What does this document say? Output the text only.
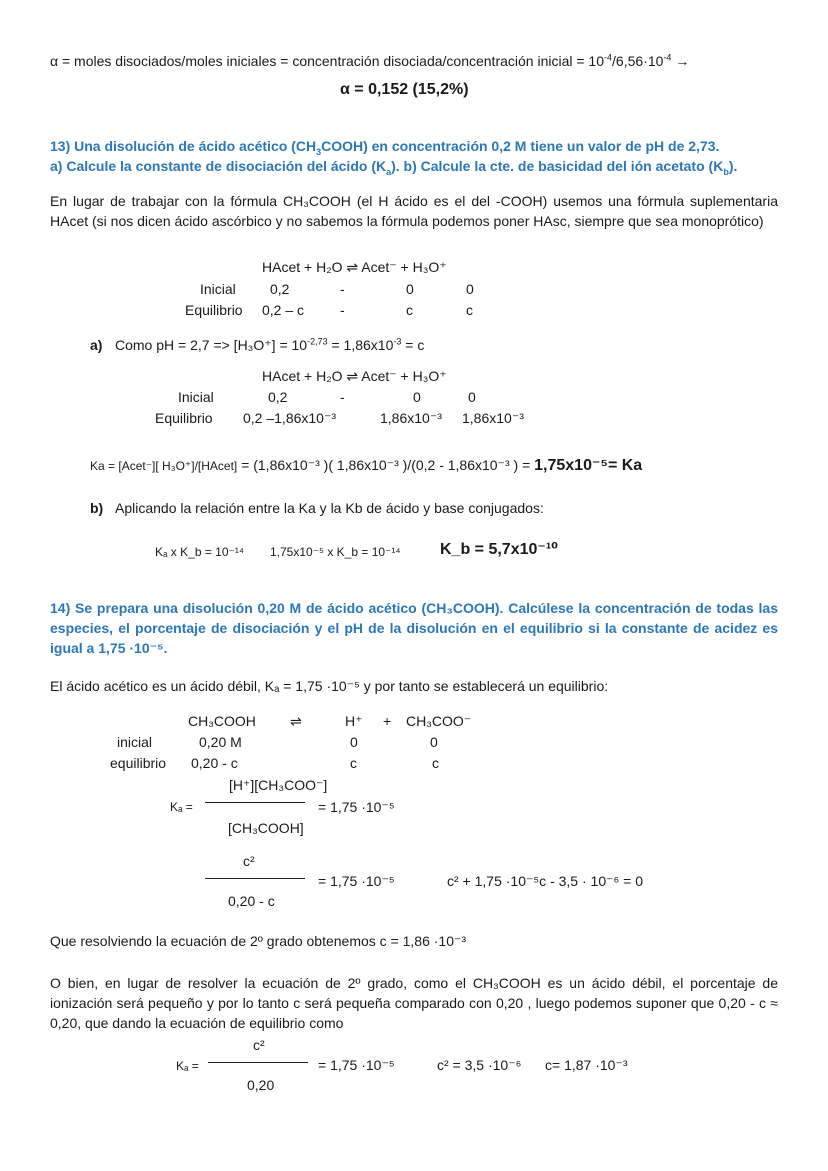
α = moles disociados/moles iniciales = concentración disociada/concentración inicial = $10^{-4}/6,56\cdot 10^{-4}$ →
α = 0,152 (15,2%)
13) Una disolución de ácido acético $(CH_3COOH)$ en concentración 0,2 M tiene un valor de pH de 2,73.
a) Calcule la constante de disociación del ácido $(K_a)$. b) Calcule la cte. de basicidad del ión acetato $(K_b)$.
En lugar de trabajar con la fórmula CH₃COOH (el H ácido es el del -COOH) usemos una fórmula suplementaria HAcet (si nos dicen ácido ascórbico y no sabemos la fórmula podemos poner HAsc, siempre que sea monoprótico)
HAcet + H₂O ⇌ Acet⁻ + H₃O⁺
Inicial 0,2	-	0	0
Equilibrio 0,2 – c	-	c	c
a) Como pH = $2,7 => [H_3O^+] = 10^{-2,73} = 1,86x10^{-3} = c$
HAcet + H₂O ⇌ Acet⁻ + H₃O⁺
Inicial	0,2	-	0	0
Equilibrio 0,2 –1,86x10⁻³	1,86x10⁻³ 1,86x10⁻³
Ka = [Acet⁻][ H₃O⁺]/[HAcet] = (1,86x10⁻³ )( 1,86x10⁻³ )/(0,2 - 1,86x10⁻³ ) = 1,75x10⁻⁵= Ka
b) Aplicando la relación entre la Ka y la Kb de ácido y base conjugados:
Kₐ x K_b = 10⁻¹⁴ 1,75x10⁻⁵ x K_b = 10⁻¹⁴ K_b = 5,7x10⁻¹⁰
14) Se prepara una disolución 0,20 M de ácido acético (CH₃COOH). Calcúlese la concentración de todas las especies, el porcentaje de disociación y el pH de la disolución en el equilibrio si la constante de acidez es igual a 1,75 ·10⁻⁵.
El ácido acético es un ácido débil, Kₐ = 1,75 ·10⁻⁵ y por tanto se establecerá un equilibrio:
CH₃COOH ⇌	H⁺ + CH₃COO⁻
inicial	0,20 M	0	0
equilibrio 0,20 - c	c	c
Kₐ =
[H⁺][CH₃COO⁻]
[CH₃COOH]
= 1,75 ·10⁻⁵
c²
0,20 - c
= 1,75 ·10⁻⁵	c² + 1,75 ·10⁻⁵c - 3,5 · 10⁻⁶ = 0
Que resolviendo la ecuación de 2º grado obtenemos c = 1,86 ·10⁻³
O bien, en lugar de resolver la ecuación de 2º grado, como el CH₃COOH es un ácido débil, el porcentaje de ionización será pequeño y por lo tanto c será pequeña comparado con 0,20 , luego podemos suponer que 0,20 - c ≈ 0,20, que dando la ecuación de equilibrio como
Kₐ =
c²
0,20
= 1,75 ·10⁻⁵	c² = 3,5 ·10⁻⁶ c= 1,87 ·10⁻³
